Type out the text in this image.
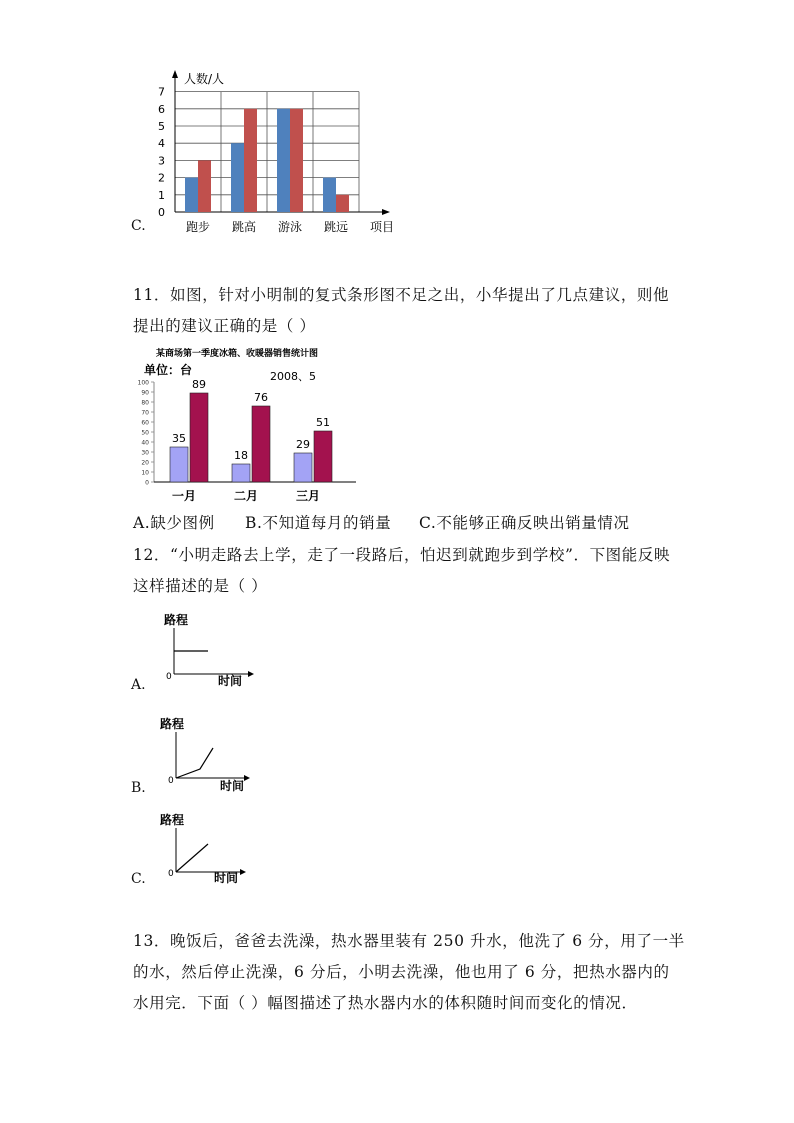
0
1
2
3
4
5
6
7
跑步 跳高 游泳 跳远
人数/人
项目
C.
11．如图，针对小明制的复式条形图不足之出，小华提出了几点建议，则他
提出的建议正确的是（ ）
某商场第一季度冰箱、收暖器销售统计图
单位：台	2008、5
0
10
20
30
40
50
60
70
80
90
100
35
89
18
76
29
51
一月	二月	三月
A.缺少图例 B.不知道每月的销量 C.不能够正确反映出销量情况
12．“小明走路去上学，走了一段路后，怕迟到就跑步到学校”．下图能反映
这样描述的是（ ）
路程
0	时间
A.
路程
0	时间
B.
路程
0	时间
C.
13．晚饭后，爸爸去洗澡，热水器里装有 250 升水，他洗了 6 分，用了一半
的水，然后停止洗澡，6 分后，小明去洗澡，他也用了 6 分，把热水器内的
水用完．下面（ ）幅图描述了热水器内水的体积随时间而变化的情况．
